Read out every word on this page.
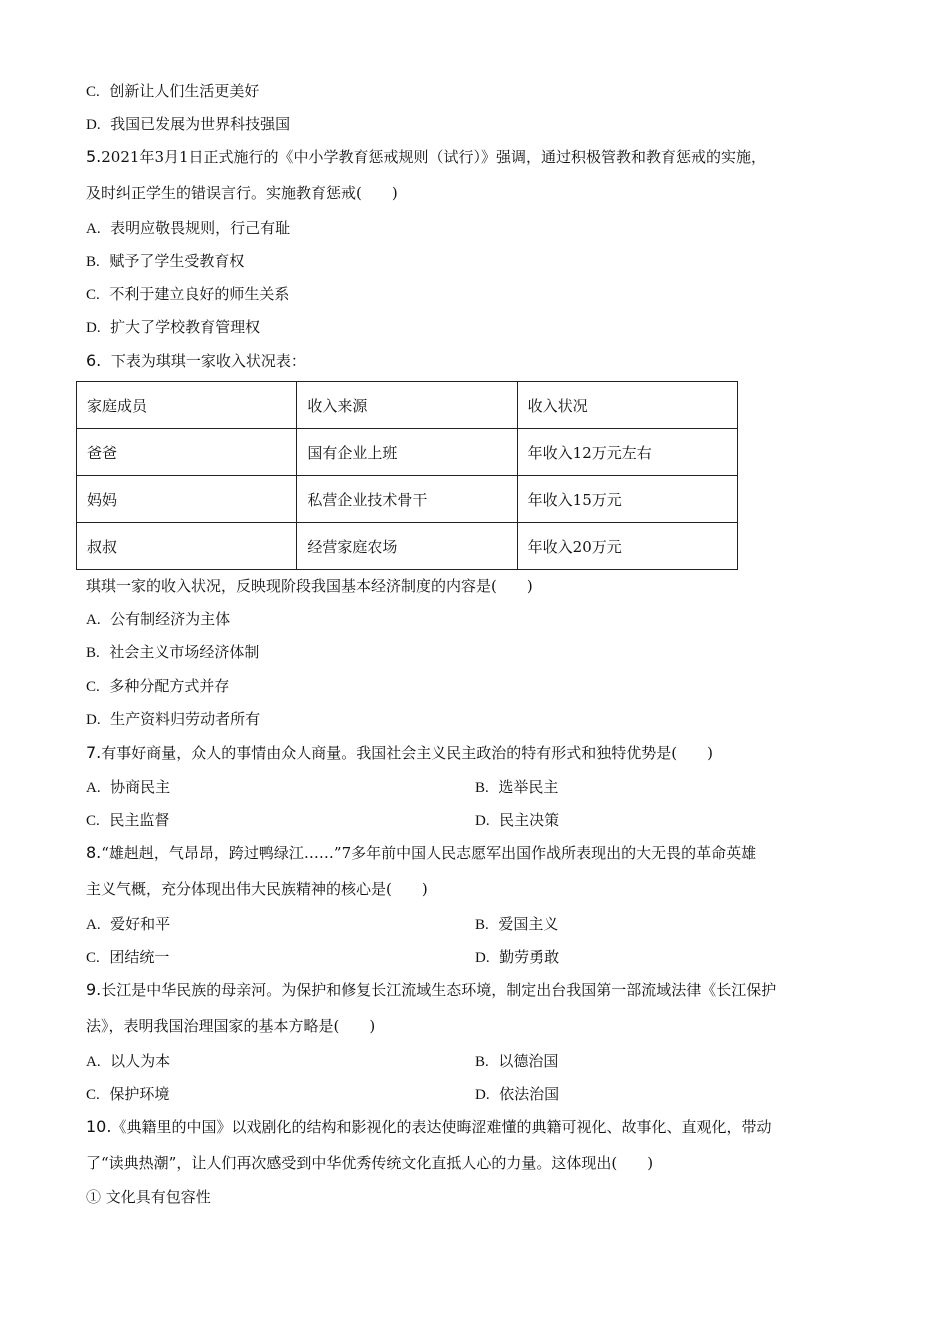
C. 创新让人们生活更美好
D. 我国已发展为世界科技强国
5.2021年3月1日正式施行的《中小学教育惩戒规则（试行）》强调，通过积极管教和教育惩戒的实施，
及时纠正学生的错误言行。实施教育惩戒(　　)
A. 表明应敬畏规则，行己有耻
B. 赋予了学生受教育权
C. 不利于建立良好的师生关系
D. 扩大了学校教育管理权
6. 下表为琪琪一家收入状况表：
家庭成员	收入来源	收入状况
爸爸	国有企业上班	年收入12万元左右
妈妈	私营企业技术骨干	年收入15万元
叔叔	经营家庭农场	年收入20万元
琪琪一家的收入状况，反映现阶段我国基本经济制度的内容是(　　)
A. 公有制经济为主体
B. 社会主义市场经济体制
C. 多种分配方式并存
D. 生产资料归劳动者所有
7.有事好商量，众人的事情由众人商量。我国社会主义民主政治的特有形式和独特优势是(　　)
A. 协商民主	B. 选举民主
C. 民主监督	D. 民主决策
8.“雄赳赳，气昂昂，跨过鸭绿江……”7多年前中国人民志愿军出国作战所表现出的大无畏的革命英雄
主义气概，充分体现出伟大民族精神的核心是(　　)
A. 爱好和平	B. 爱国主义
C. 团结统一	D. 勤劳勇敢
9.长江是中华民族的母亲河。为保护和修复长江流域生态环境，制定出台我国第一部流域法律《长江保护
法》，表明我国治理国家的基本方略是(　　)
A. 以人为本	B. 以德治国
C. 保护环境	D. 依法治国
10.《典籍里的中国》以戏剧化的结构和影视化的表达使晦涩难懂的典籍可视化、故事化、直观化，带动
了“读典热潮”，让人们再次感受到中华优秀传统文化直抵人心的力量。这体现出(　　)
① 文化具有包容性
